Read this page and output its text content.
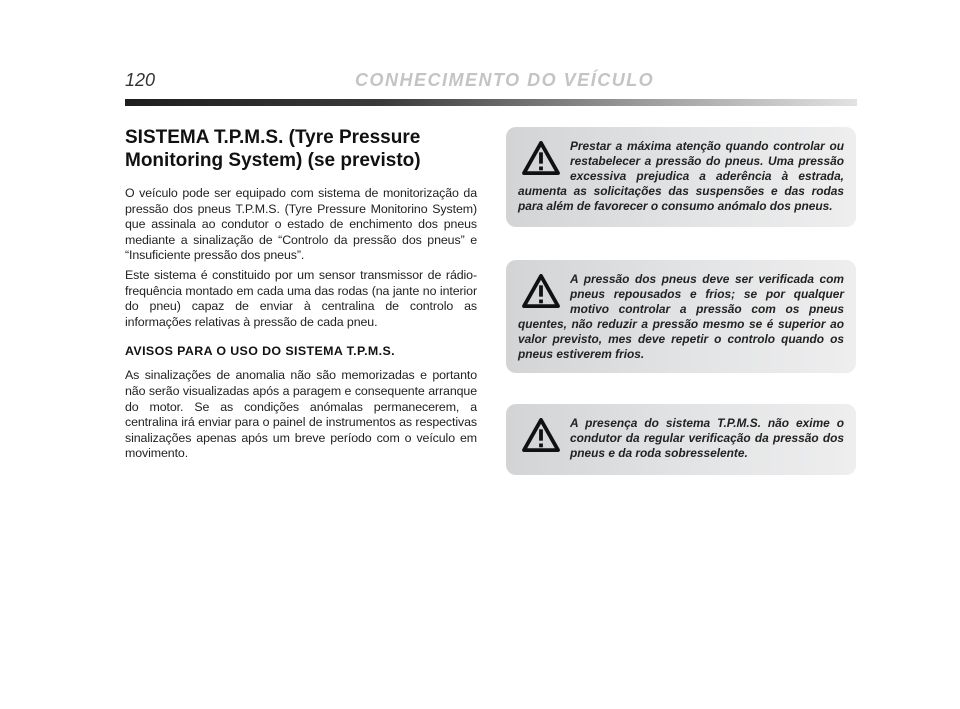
120	CONHECIMENTO DO VEÍCULO
SISTEMA T.P.M.S. (Tyre Pressure Monitoring System) (se previsto)

O veículo pode ser equipado com sistema de monitorização da pressão dos pneus T.P.M.S. (Tyre Pressure Monitorino System) que assinala ao condutor o estado de enchimento dos pneus mediante a sinalização de “Controlo da pressão dos pneus” e “Insuficiente pressão dos pneus”.

Este sistema é constituido por um sensor transmissor de rádio-frequência montado em cada uma das rodas (na jante no interior do pneu) capaz de enviar à centralina de controlo as informações relativas à pressão de cada pneu.

AVISOS PARA O USO DO SISTEMA T.P.M.S.

As sinalizações de anomalia não são memorizadas e portanto não serão visualizadas após a paragem e consequente arranque do motor. Se as condições anómalas permanecerem, a centralina irá enviar para o painel de instrumentos as respectivas sinalizações apenas após um breve período com o veículo em movimento.

Prestar a máxima atenção quando controlar ou restabelecer a pressão do pneus. Uma pressão excessiva prejudica a aderência à estrada, aumenta as solicitações das suspensões e das rodas para além de favorecer o consumo anómalo dos pneus.

A pressão dos pneus deve ser verificada com pneus repousados e frios; se por qualquer motivo controlar a pressão com os pneus quentes, não reduzir a pressão mesmo se é superior ao valor previsto, mes deve repetir o controlo quando os pneus estiverem frios.

A presença do sistema T.P.M.S. não exime o condutor da regular verificação da pressão dos pneus e da roda sobresselente.
